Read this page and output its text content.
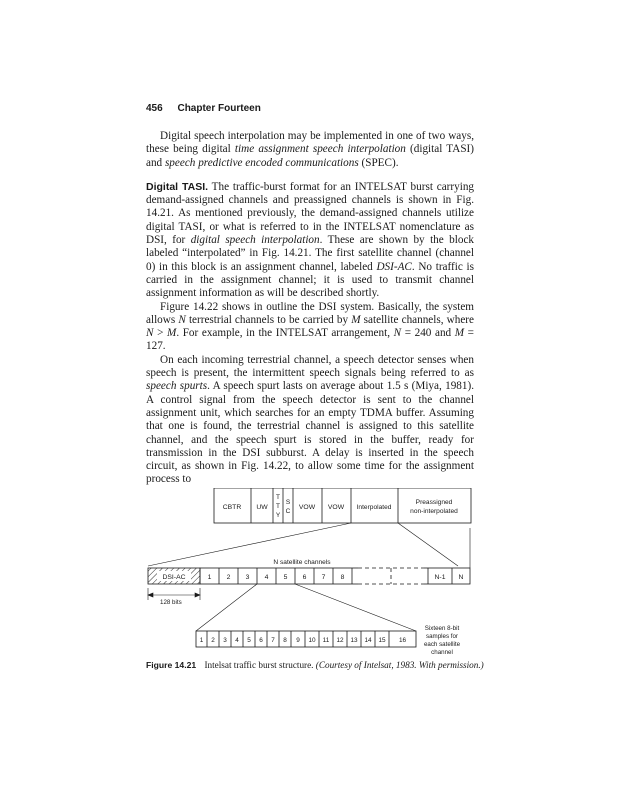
456 Chapter Fourteen

Digital speech interpolation may be implemented in one of two ways, these being digital time assignment speech interpolation (digital TASI) and speech predictive encoded communications (SPEC).

Digital TASI. The traffic-burst format for an INTELSAT burst carrying demand-assigned channels and preassigned channels is shown in Fig. 14.21. As mentioned previously, the demand-assigned channels utilize digital TASI, or what is referred to in the INTELSAT nomenclature as DSI, for digital speech interpolation. These are shown by the block labeled “interpolated” in Fig. 14.21. The first satellite channel (channel 0) in this block is an assignment channel, labeled DSI-AC. No traffic is carried in the assignment channel; it is used to transmit channel assignment information as will be described shortly.

Figure 14.22 shows in outline the DSI system. Basically, the system allows N terrestrial channels to be carried by M satellite channels, where N > M. For example, in the INTELSAT arrangement, N = 240 and M = 127.

On each incoming terrestrial channel, a speech detector senses when speech is present, the intermittent speech signals being referred to as speech spurts. A speech spurt lasts on average about 1.5 s (Miya, 1981). A control signal from the speech detector is sent to the channel assignment unit, which searches for an empty TDMA buffer. Assuming that one is found, the terrestrial channel is assigned to this satellite channel, and the speech spurt is stored in the buffer, ready for transmission in the DSI subburst. A delay is inserted in the speech circuit, as shown in Fig. 14.22, to allow some time for the assignment process to

CBTR UW
T
T
Y
S
C
VOW VOW Interpolated
Preassigned
non-interpolated
N satellite channels
DSI-AC	1 2 3 4 5 6 7 8	N-1 N
128 bits
1 2 3 4 5 6 7 8 9 10 11 12 13 14 15 16
Sixteen 8-bit
samples for
each satellite
channel
Figure 14.21 Intelsat traffic burst structure. (Courtesy of Intelsat, 1983. With permission.)
